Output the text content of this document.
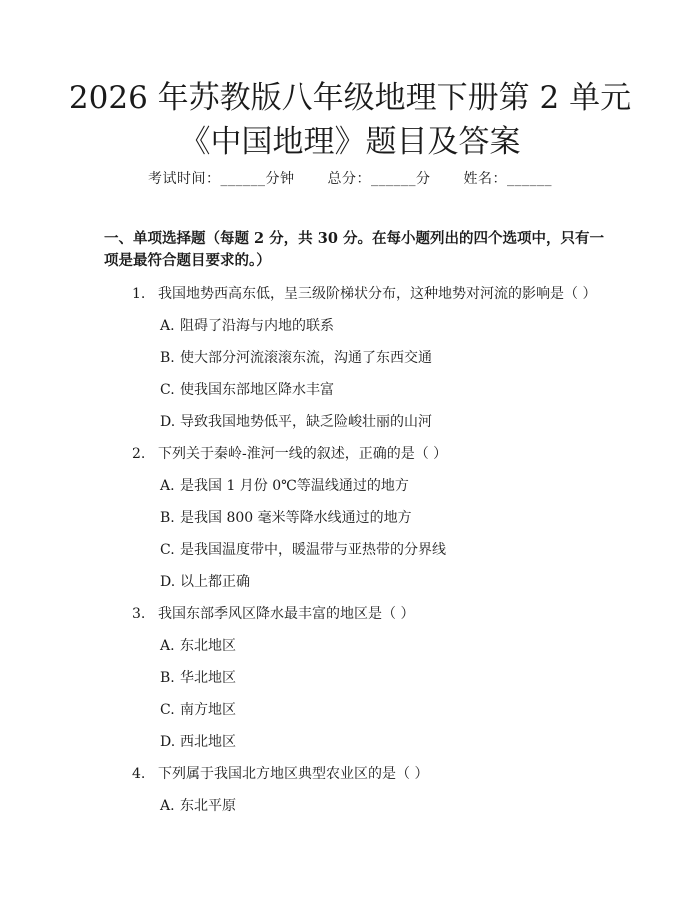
2026 年苏教版八年级地理下册第 2 单元《中国地理》题目及答案
考试时间：______分钟 总分：______分 姓名：______
一、单项选择题（每题 2 分，共 30 分。在每小题列出的四个选项中，只有一项是最符合题目要求的。）
1. 我国地势西高东低，呈三级阶梯状分布，这种地势对河流的影响是（ ）
A. 阻碍了沿海与内地的联系
B. 使大部分河流滚滚东流，沟通了东西交通
C. 使我国东部地区降水丰富
D. 导致我国地势低平，缺乏险峻壮丽的山河
2. 下列关于秦岭-淮河一线的叙述，正确的是（ ）
A. 是我国 1 月份 0℃等温线通过的地方
B. 是我国 800 毫米等降水线通过的地方
C. 是我国温度带中，暖温带与亚热带的分界线
D. 以上都正确
3. 我国东部季风区降水最丰富的地区是（ ）
A. 东北地区
B. 华北地区
C. 南方地区
D. 西北地区
4. 下列属于我国北方地区典型农业区的是（ ）
A. 东北平原
